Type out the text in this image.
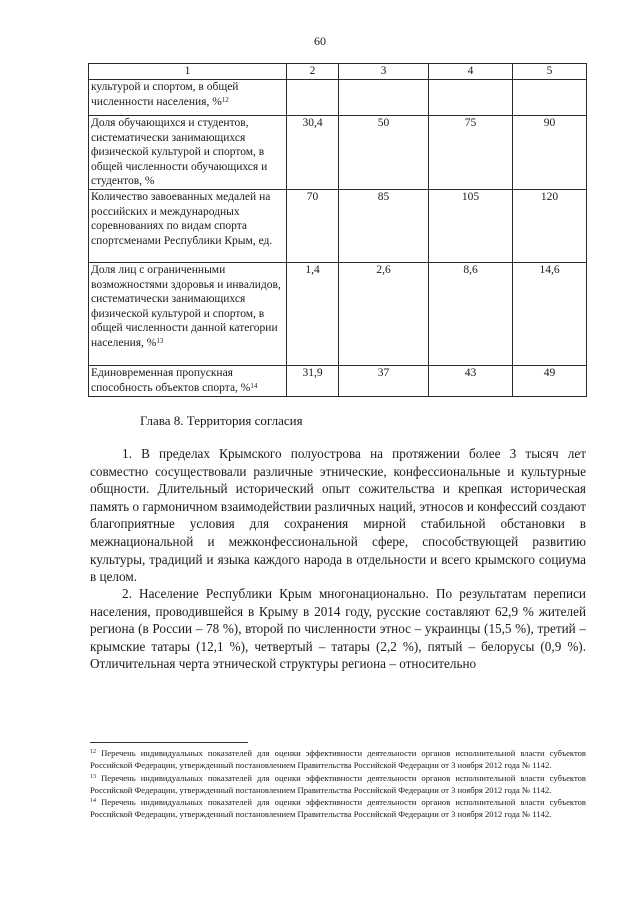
60
1	2	3	4	5
культурой и спортом, в общей численности населения, %$^{12}$				
Доля обучающихся и студентов, систематически занимающихся физической культурой и спортом, в общей численности обучающихся и студентов, %	30,4	50	75	90
Количество завоеванных медалей на российских и международных соревнованиях по видам спорта спортсменами Республики Крым, ед.	70	85	105	120
Доля лиц с ограниченными возможностями здоровья и инвалидов, систематически занимающихся физической культурой и спортом, в общей численности данной категории населения, %$^{13}$	1,4	2,6	8,6	14,6
Единовременная пропускная способность объектов спорта, %$^{14}$	31,9	37	43	49
Глава 8. Территория согласия

1. В пределах Крымского полуострова на протяжении более 3 тысяч лет совместно сосуществовали различные этнические, конфессиональные и культурные общности. Длительный исторический опыт сожительства и крепкая историческая память о гармоничном взаимодействии различных наций, этносов и конфессий создают благоприятные условия для сохранения мирной стабильной обстановки в межнациональной и межконфессиональной сфере, способствующей развитию культуры, традиций и языка каждого народа в отдельности и всего крымского социума в целом.

2. Население Республики Крым многонационально. По результатам переписи населения, проводившейся в Крыму в 2014 году, русские составляют 62,9 % жителей региона (в России – 78 %), второй по численности этнос – украинцы (15,5 %), третий – крымские татары (12,1 %), четвертый – татары (2,2 %), пятый – белорусы (0,9 %). Отличительная черта этнической структуры региона – относительно

$^{12}$ Перечень индивидуальных показателей для оценки эффективности деятельности органов исполнительной власти субъектов Российской Федерации, утвержденный постановлением Правительства Российской Федерации от 3 ноября 2012 года № 1142.

$^{13}$ Перечень индивидуальных показателей для оценки эффективности деятельности органов исполнительной власти субъектов Российской Федерации, утвержденный постановлением Правительства Российской Федерации от 3 ноября 2012 года № 1142.

$^{14}$ Перечень индивидуальных показателей для оценки эффективности деятельности органов исполнительной власти субъектов Российской Федерации, утвержденный постановлением Правительства Российской Федерации от 3 ноября 2012 года № 1142.
